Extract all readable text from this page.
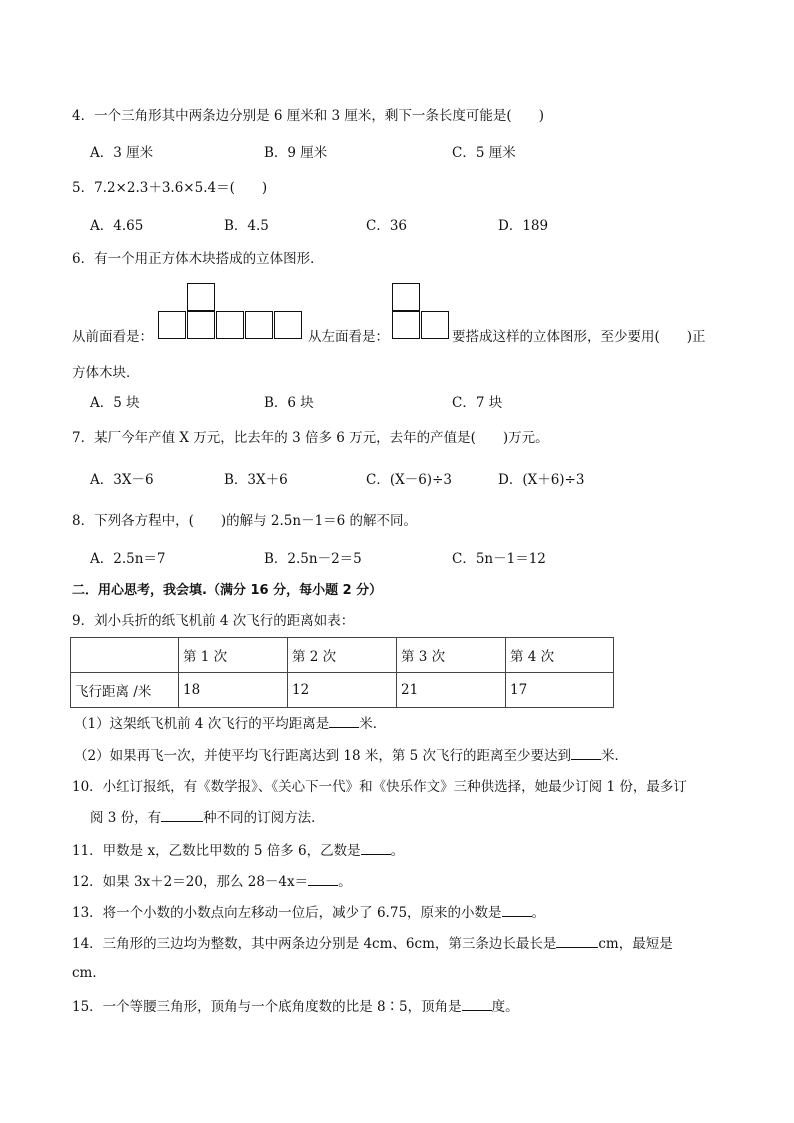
4．一个三角形其中两条边分别是 6 厘米和 3 厘米，剩下一条长度可能是(　　)
A．3 厘米	B．9 厘米	C．5 厘米
5．7.2×2.3＋3.6×5.4＝(　　)
A．4.65	B．4.5	C．36	D．189
6．有一个用正方体木块搭成的立体图形．
从前面看是：	从左面看是：	要搭成这样的立体图形，至少要用(　　)正
方体木块．
A．5 块	B．6 块	C．7 块
7．某厂今年产值 X 万元，比去年的 3 倍多 6 万元，去年的产值是(　　)万元。
A．3X－6	B．3X＋6	C．(X－6)÷3	D．(X＋6)÷3
8．下列各方程中，(　　)的解与 2.5n－1＝6 的解不同。
A．2.5n＝7	B．2.5n－2＝5	C．5n－1＝12
二．用心思考，我会填.（满分 16 分，每小题 2 分）
9．刘小兵折的纸飞机前 4 次飞行的距离如表：
	第 1 次	第 2 次	第 3 次	第 4 次
飞行距离 /米	18	12	21	17
（1）这架纸飞机前 4 次飞行的平均距离是 米．
（2）如果再飞一次，并使平均飞行距离达到 18 米，第 5 次飞行的距离至少要达到 米．
10．小红订报纸，有《数学报》、《关心下一代》和《快乐作文》三种供选择，她最少订阅 1 份，最多订
阅 3 份，有	种不同的订阅方法．
11．甲数是 x，乙数比甲数的 5 倍多 6，乙数是 。
12．如果 3x＋2＝20，那么 28－4x＝ 。
13．将一个小数的小数点向左移动一位后，减少了 6.75，原来的小数是 。
14．三角形的三边均为整数，其中两条边分别是 4cm、6cm，第三条边长最长是	cm，最短是
cm．
15．一个等腰三角形，顶角与一个底角度数的比是 8∶5，顶角是 度。
